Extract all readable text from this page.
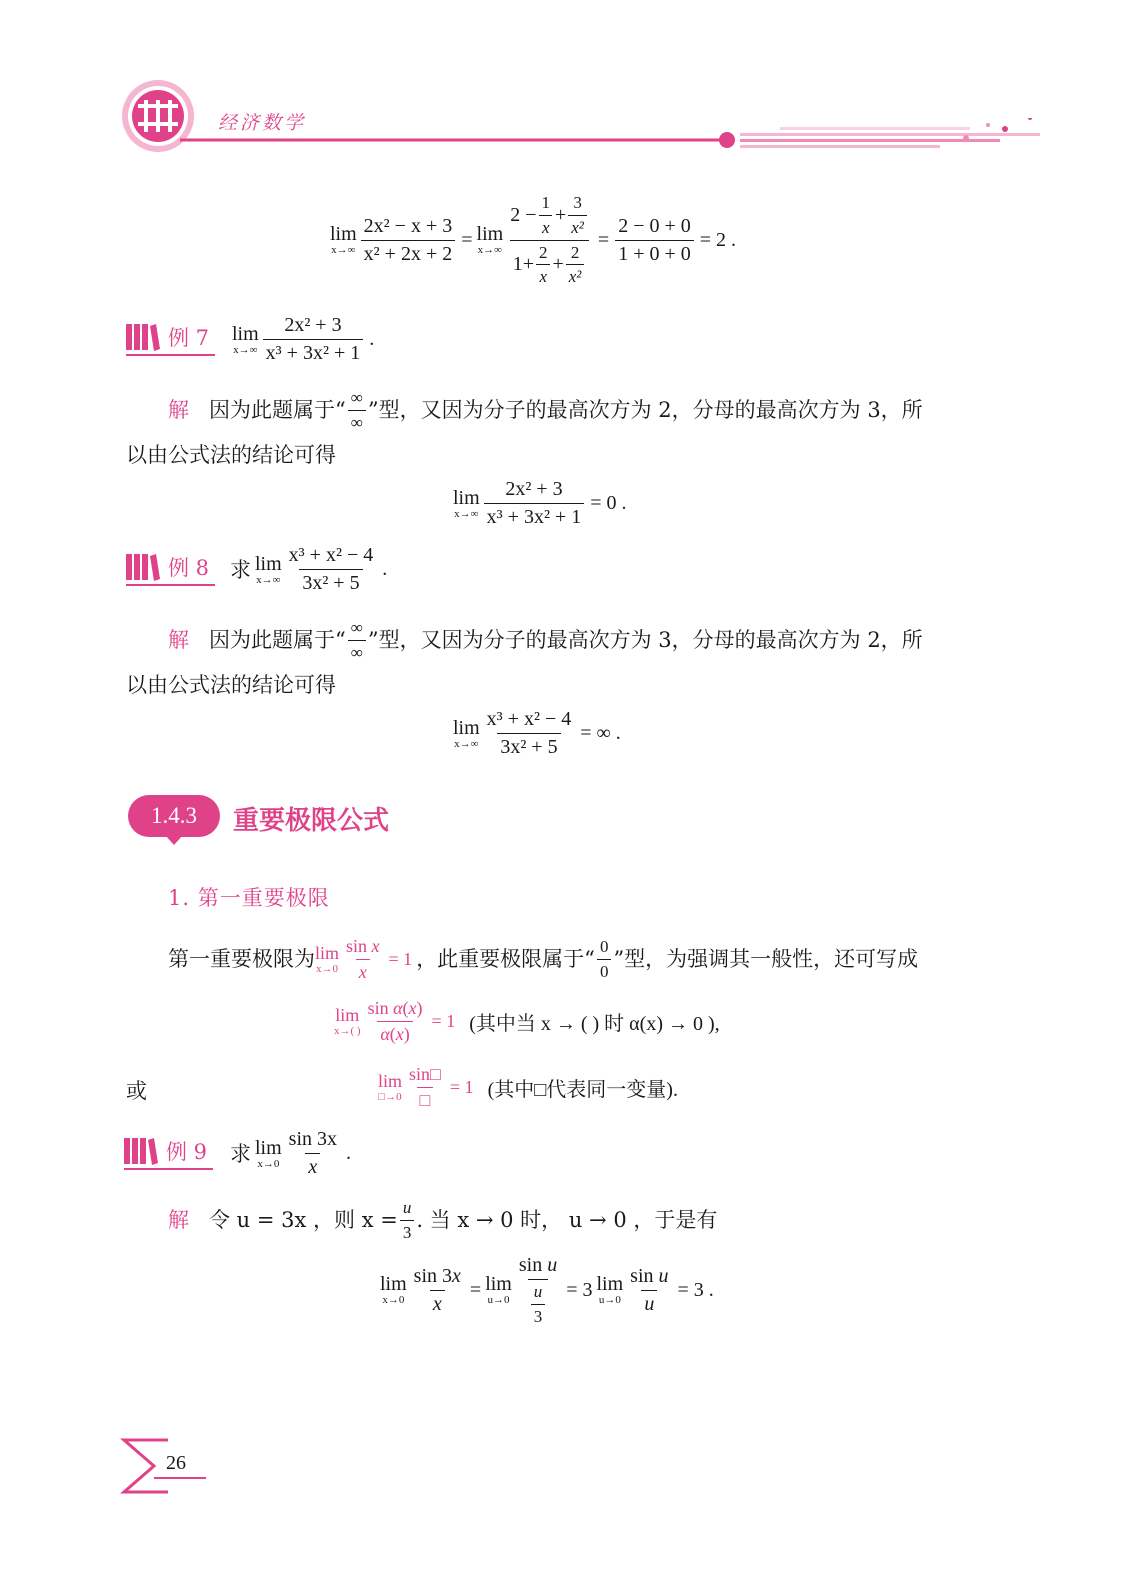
经济数学
lim
$x\to\infty \frac{\text{2x² − x + 3}}{\text{x² + 2x + 2}} = \lim$
$x\to\infty \frac{2 - \frac{1}{x} + \frac{3}{\text{x²}}}{1+ \frac{2}{x} + \frac{2}{\text{x²}}} = \frac{2 - 0 + 0}{1 + 0 + 0} = 2$ .
例 7 lim
$x\to\infty \frac{\text{2x² + 3}}{\text{x³ + 3x² + 1}}$ .
解 因为此题属于“ $\frac{\infty}{\infty}$ ”型，又因为分子的最高次方为 2，分母的最高次方为 3，所
以由公式法的结论可得
lim
$x\to\infty \frac{\text{2x² + 3}}{\text{x³ + 3x² + 1}} = 0$ .
例 8 求 lim
$x\to\infty \frac{\text{x³ + x² − 4}}{\text{3x² + 5}}$ .
解 因为此题属于“ $\frac{\infty}{\infty}$ ”型，又因为分子的最高次方为 3，分母的最高次方为 2，所
以由公式法的结论可得
lim
$x\to\infty \frac{\text{x³ + x² − 4}}{\text{3x² + 5}}$ = ∞ .
1.4.3 重要极限公式
1. 第一重要极限
第一重要极限为 lim
$x\to 0 \frac{\text{sin x}}{x} = 1$ ，此重要极限属于“ $\frac{0}{0}$ ”型，为强调其一般性，还可写成
lim
x→( ) $\frac{\text{sin α(x)}}{\alpha(x)} = 1$ (其中当 x → ( ) 时 α(x) → 0 ),
或	lim
□→0 $\frac{\sin□}{□} = 1$ (其中□代表同一变量).
例 9 求 lim
$x\to 0 \frac{\sin 3x}{x}$ .
解 令 u = 3x ，则 $x = \frac{u}{3}$ . 当 x → 0 时， u → 0 ，于是有
lim
$x\to 0 \frac{\sin 3x}{x} = \lim$
$u\to 0 \frac{\text{sin u}}{\frac{u}{3}} = 3$ lim
$u\to 0 \frac{\text{sin u}}{u} = 3$ .
26
